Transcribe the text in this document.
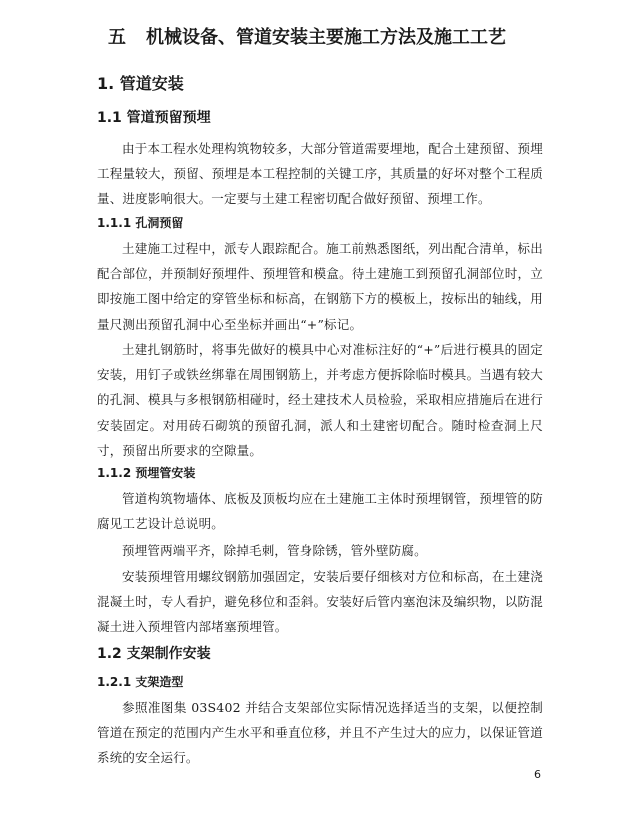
五 机械设备、管道安装主要施工方法及施工工艺
1. 管道安装
1.1 管道预留预埋

由于本工程水处理构筑物较多，大部分管道需要埋地，配合土建预留、预埋工程量较大，预留、预埋是本工程控制的关键工序，其质量的好坏对整个工程质量、进度影响很大。一定要与土建工程密切配合做好预留、预埋工作。

1.1.1 孔洞预留

土建施工过程中，派专人跟踪配合。施工前熟悉图纸，列出配合清单，标出配合部位，并预制好预埋件、预埋管和模盒。待土建施工到预留孔洞部位时，立即按施工图中给定的穿管坐标和标高，在钢筋下方的模板上，按标出的轴线，用量尺测出预留孔洞中心至坐标并画出“+”标记。

土建扎钢筋时，将事先做好的模具中心对准标注好的“+”后进行模具的固定安装，用钉子或铁丝绑靠在周围钢筋上，并考虑方便拆除临时模具。当遇有较大的孔洞、模具与多根钢筋相碰时，经土建技术人员检验，采取相应措施后在进行安装固定。对用砖石砌筑的预留孔洞，派人和土建密切配合。随时检查洞上尺寸，预留出所要求的空隙量。

1.1.2 预埋管安装

管道构筑物墙体、底板及顶板均应在土建施工主体时预埋钢管，预埋管的防腐见工艺设计总说明。

预埋管两端平齐，除掉毛刺，管身除锈，管外壁防腐。

安装预埋管用螺纹钢筋加强固定，安装后要仔细核对方位和标高，在土建浇混凝土时，专人看护，避免移位和歪斜。安装好后管内塞泡沫及编织物，以防混凝土进入预埋管内部堵塞预埋管。

1.2 支架制作安装
1.2.1 支架造型

参照准图集 03S402 并结合支架部位实际情况选择适当的支架，以便控制管道在预定的范围内产生水平和垂直位移，并且不产生过大的应力，以保证管道系统的安全运行。

6
